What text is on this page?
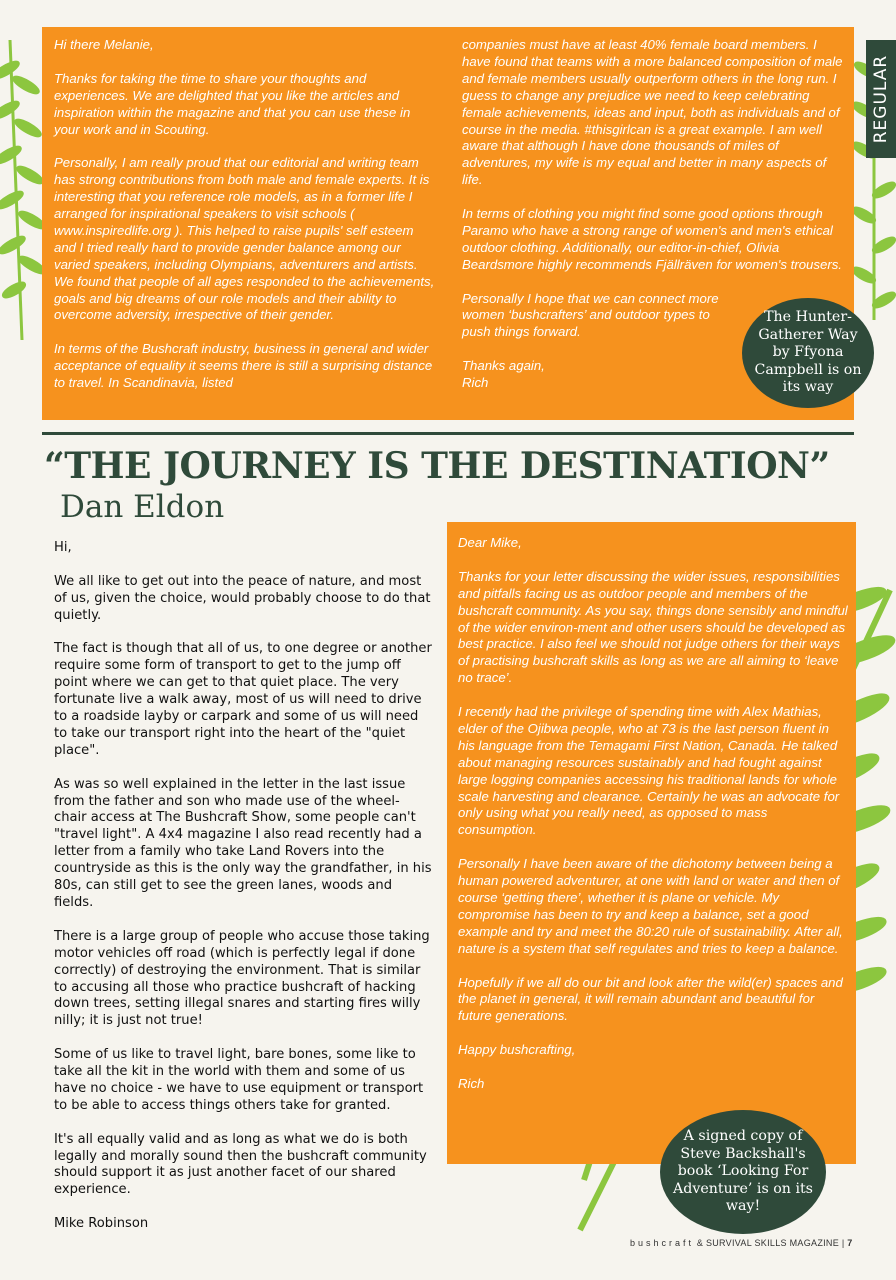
REGULAR

Hi there Melanie,

Thanks for taking the time to share your thoughts and experiences. We are delighted that you like the articles and inspiration within the magazine and that you can use these in your work and in Scouting.

Personally, I am really proud that our editorial and writing team has strong contributions from both male and female experts. It is interesting that you reference role models, as in a former life I arranged for inspirational speakers to visit schools ( www.inspiredlife.org ). This helped to raise pupils' self esteem and I tried really hard to provide gender balance among our varied speakers, including Olympians, adventurers and artists. We found that people of all ages responded to the achievements, goals and big dreams of our role models and their ability to overcome adversity, irrespective of their gender.

In terms of the Bushcraft industry, business in general and wider acceptance of equality it seems there is still a surprising distance to travel. In Scandinavia, listed

companies must have at least 40% female board members. I have found that teams with a more balanced composition of male and female members usually outperform others in the long run. I guess to change any prejudice we need to keep celebrating female achievements, ideas and input, both as individuals and of course in the media. #thisgirlcan is a great example. I am well aware that although I have done thousands of miles of adventures, my wife is my equal and better in many aspects of life.

In terms of clothing you might find some good options through Paramo who have a strong range of women's and men's ethical outdoor clothing. Additionally, our editor-in-chief, Olivia Beardsmore highly recommends Fjällräven for women's trousers.

Personally I hope that we can connect more women ‘bushcrafters’ and outdoor types to push things forward.

Thanks again,

Rich

The Hunter-Gatherer Way by Ffyona Campbell is on its way
“THE JOURNEY IS THE DESTINATION”
Dan Eldon

Hi,

We all like to get out into the peace of nature, and most of us, given the choice, would probably choose to do that quietly.

The fact is though that all of us, to one degree or another require some form of transport to get to the jump off point where we can get to that quiet place. The very fortunate live a walk away, most of us will need to drive to a roadside layby or carpark and some of us will need to take our transport right into the heart of the "quiet place".

As was so well explained in the letter in the last issue from the father and son who made use of the wheel-chair access at The Bushcraft Show, some people can't "travel light". A 4x4 magazine I also read recently had a letter from a family who take Land Rovers into the countryside as this is the only way the grandfather, in his 80s, can still get to see the green lanes, woods and fields.

There is a large group of people who accuse those taking motor vehicles off road (which is perfectly legal if done correctly) of destroying the environment. That is similar to accusing all those who practice bushcraft of hacking down trees, setting illegal snares and starting fires willy nilly; it is just not true!

Some of us like to travel light, bare bones, some like to take all the kit in the world with them and some of us have no choice - we have to use equipment or transport to be able to access things others take for granted.

It's all equally valid and as long as what we do is both legally and morally sound then the bushcraft community should support it as just another facet of our shared experience.

Mike Robinson

Dear Mike,

Thanks for your letter discussing the wider issues, responsibilities and pitfalls facing us as outdoor people and members of the bushcraft community. As you say, things done sensibly and mindful of the wider environ-ment and other users should be developed as best practice. I also feel we should not judge others for their ways of practising bushcraft skills as long as we are all aiming to ‘leave no trace’.

I recently had the privilege of spending time with Alex Mathias, elder of the Ojibwa people, who at 73 is the last person fluent in his language from the Temagami First Nation, Canada. He talked about managing resources sustainably and had fought against large logging companies accessing his traditional lands for whole scale harvesting and clearance. Certainly he was an advocate for only using what you really need, as opposed to mass consumption.

Personally I have been aware of the dichotomy between being a human powered adventurer, at one with land or water and then of course ‘getting there’, whether it is plane or vehicle. My compromise has been to try and keep a balance, set a good example and try and meet the 80:20 rule of sustainability. After all, nature is a system that self regulates and tries to keep a balance.

Hopefully if we all do our bit and look after the wild(er) spaces and the planet in general, it will remain abundant and beautiful for future generations.

Happy bushcrafting,

Rich

A signed copy of Steve Backshall's book ‘Looking For Adventure’ is on its way!
bushcraft & SURVIVAL SKILLS MAGAZINE | 7
